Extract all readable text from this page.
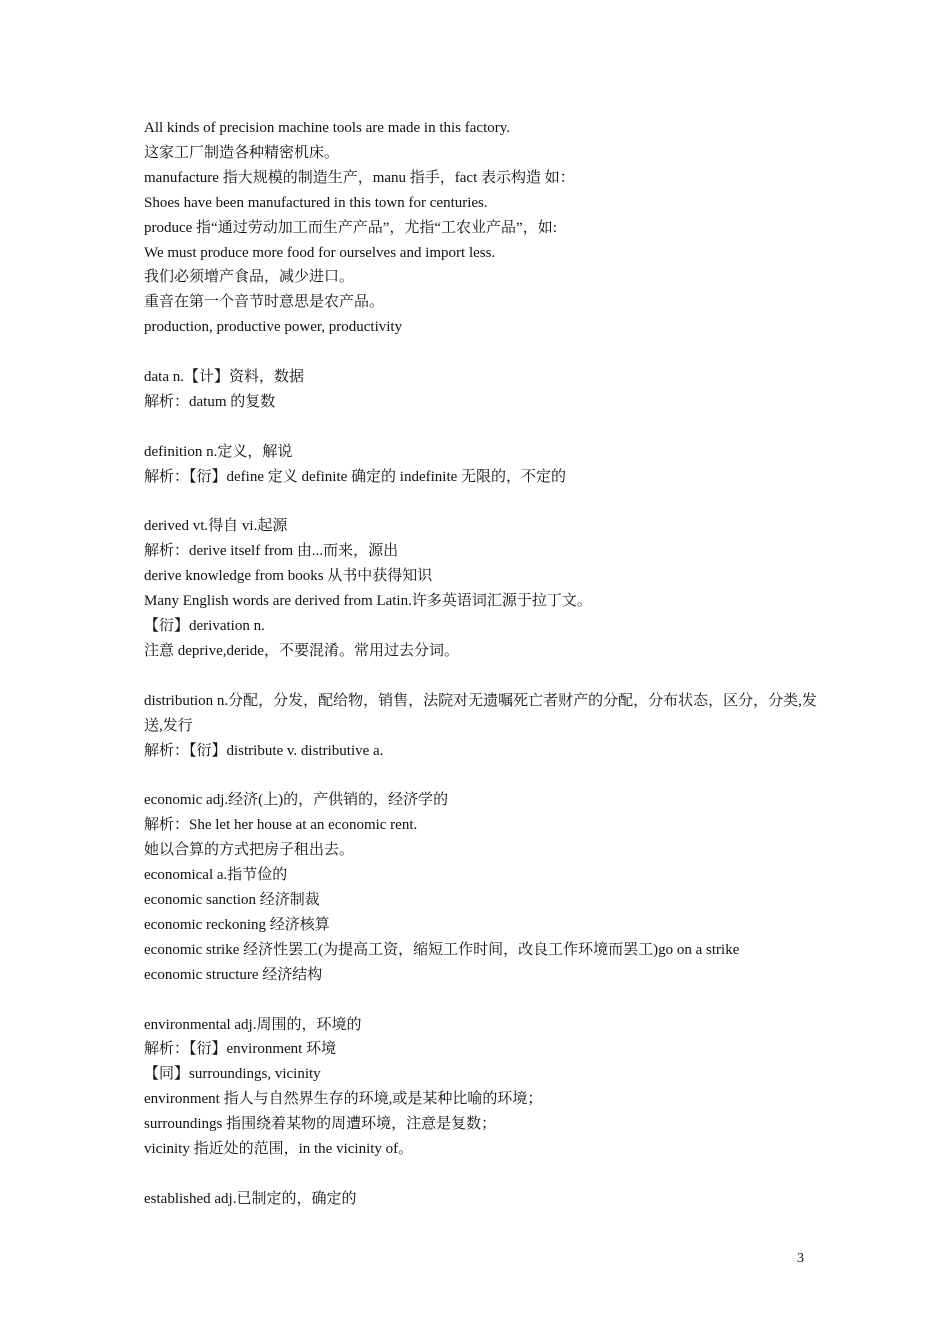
All kinds of precision machine tools are made in this factory.
这家工厂制造各种精密机床。
manufacture 指大规模的制造生产，manu 指手，fact 表示构造 如：
Shoes have been manufactured in this town for centuries.
produce 指“通过劳动加工而生产产品”，尤指“工农业产品”，如:
We must produce more food for ourselves and import less.
我们必须增产食品，减少进口。
重音在第一个音节时意思是农产品。
production, productive power, productivity
data n.【计】资料，数据
解析：datum 的复数
definition n.定义，解说
解析：【衍】define 定义 definite 确定的 indefinite 无限的，不定的
derived vt.得自 vi.起源
解析：derive itself from 由...而来，源出
derive knowledge from books 从书中获得知识
Many English words are derived from Latin.许多英语词汇源于拉丁文。
【衍】derivation n.
注意 deprive,deride，不要混淆。常用过去分词。
distribution n.分配，分发，配给物，销售，法院对无遗嘱死亡者财产的分配，分布状态，区分，分类,发送,发行
解析：【衍】distribute v. distributive a.
economic adj.经济(上)的，产供销的，经济学的
解析：She let her house at an economic rent.
她以合算的方式把房子租出去。
economical a.指节俭的
economic sanction 经济制裁
economic reckoning 经济核算
economic strike 经济性罢工(为提高工资，缩短工作时间，改良工作环境而罢工)go on a strike
economic structure 经济结构
environmental adj.周围的，环境的
解析：【衍】environment 环境
【同】surroundings, vicinity
environment 指人与自然界生存的环境,或是某种比喻的环境；
surroundings 指围绕着某物的周遭环境，注意是复数；
vicinity 指近处的范围，in the vicinity of。
established adj.已制定的，确定的
3
